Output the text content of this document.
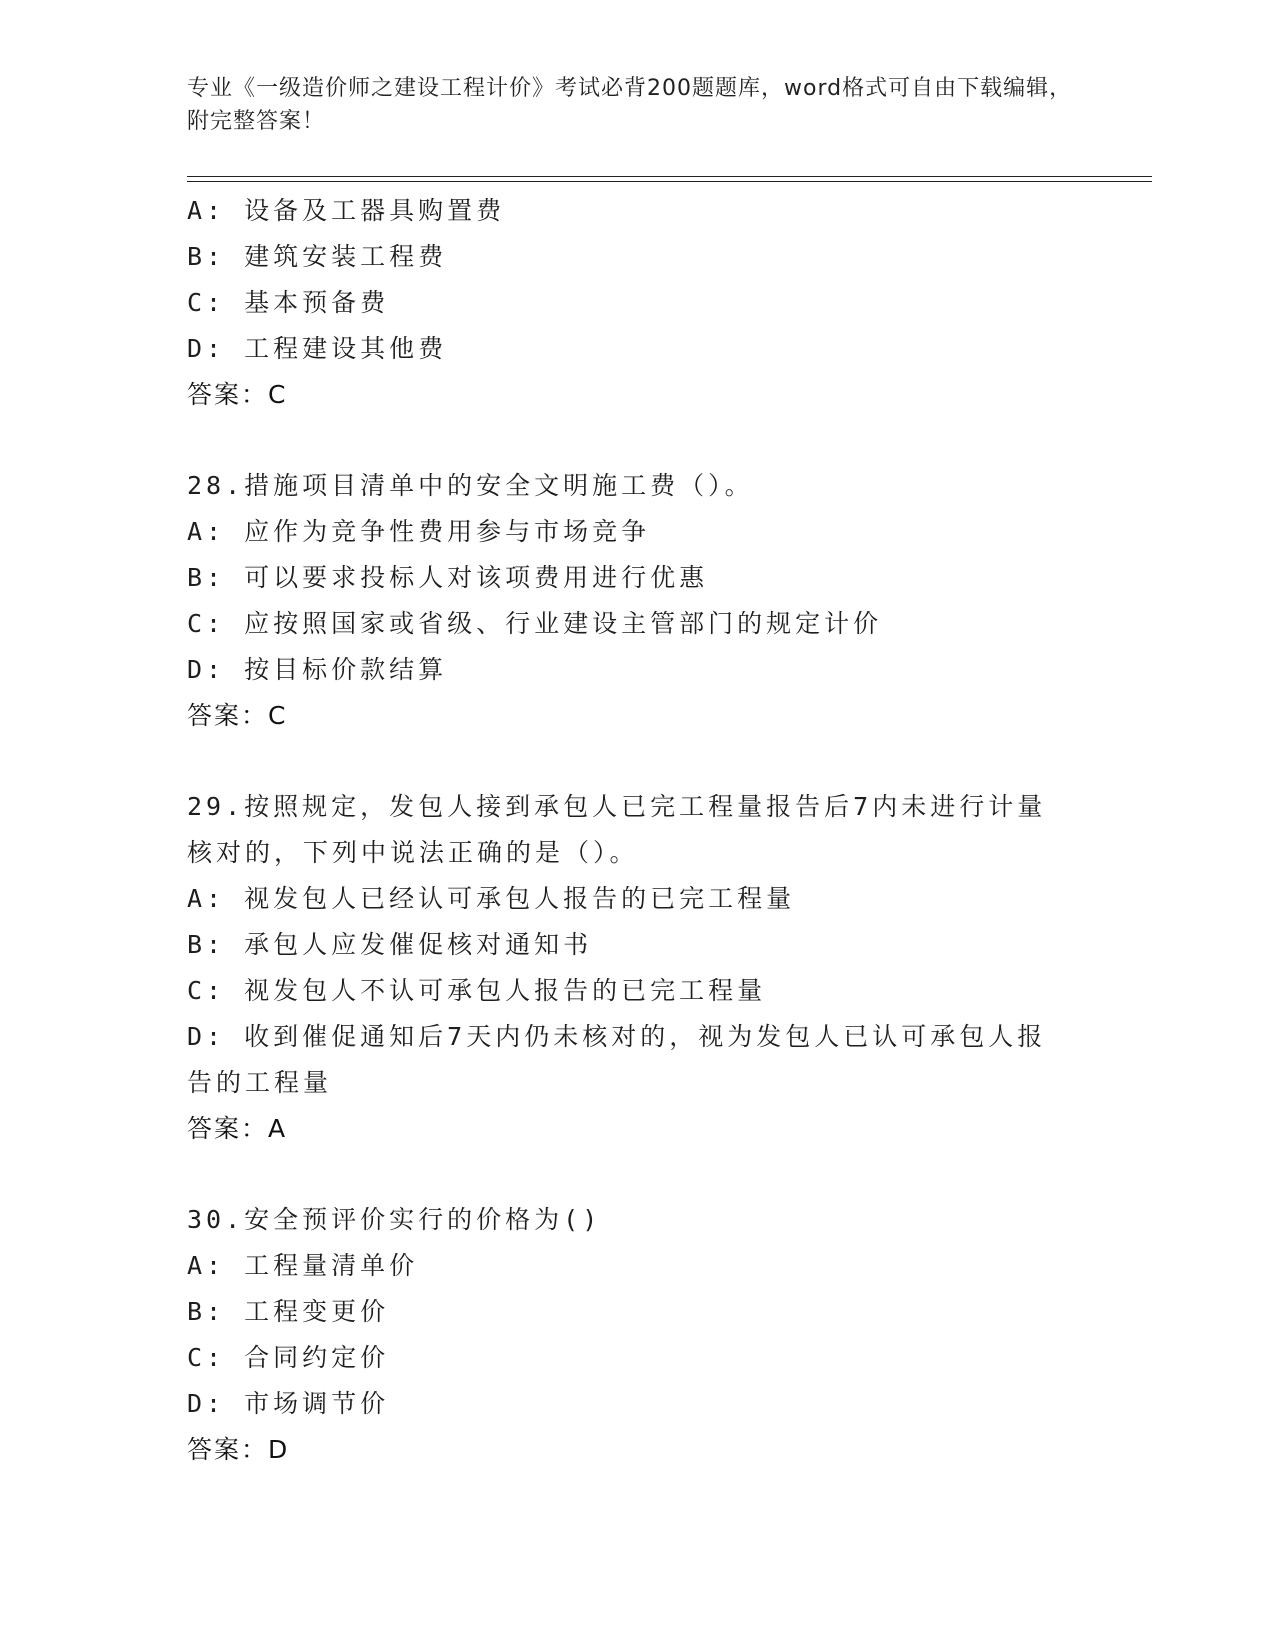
专业《一级造价师之建设工程计价》考试必背200题题库，word格式可自由下载编辑，附完整答案！
A: 设备及工器具购置费
B: 建筑安装工程费
C: 基本预备费
D: 工程建设其他费
答案：C
28.措施项目清单中的安全文明施工费（）。
A: 应作为竞争性费用参与市场竞争
B: 可以要求投标人对该项费用进行优惠
C: 应按照国家或省级、行业建设主管部门的规定计价
D: 按目标价款结算
答案：C
29.按照规定，发包人接到承包人已完工程量报告后7内未进行计量核对的，下列中说法正确的是（）。
A: 视发包人已经认可承包人报告的已完工程量
B: 承包人应发催促核对通知书
C: 视发包人不认可承包人报告的已完工程量
D: 收到催促通知后7天内仍未核对的，视为发包人已认可承包人报告的工程量
答案：A
30.安全预评价实行的价格为()
A: 工程量清单价
B: 工程变更价
C: 合同约定价
D: 市场调节价
答案：D
